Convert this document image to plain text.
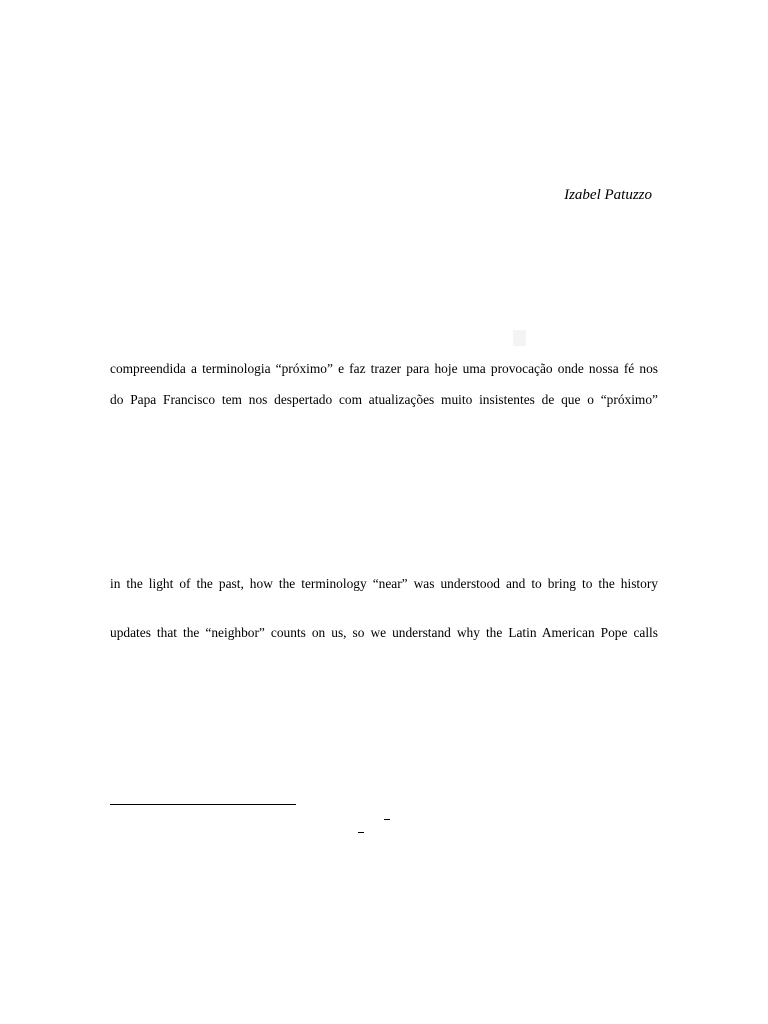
Izabel Patuzzo
compreendida a terminologia “próximo” e faz trazer para hoje uma provocação onde nossa fé nos
do Papa Francisco tem nos despertado com atualizações muito insistentes de que o “próximo”
in the light of the past, how the terminology “near” was understood and to bring to the history
updates that the “neighbor” counts on us, so we understand why the Latin American Pope calls
